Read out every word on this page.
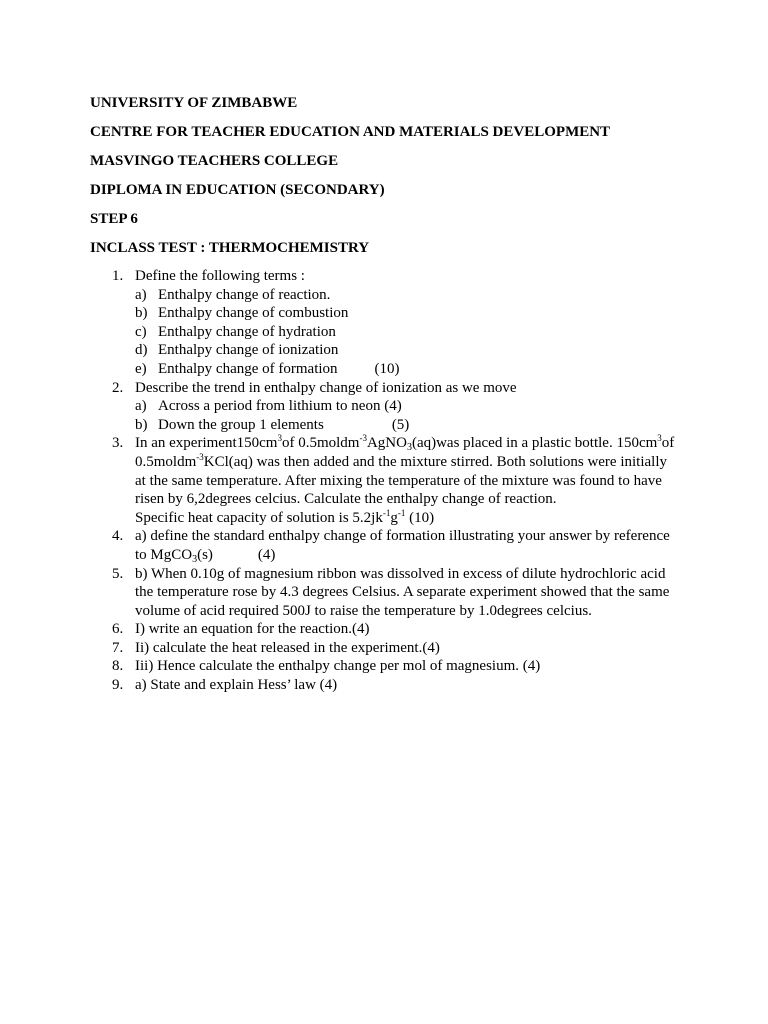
UNIVERSITY OF ZIMBABWE

CENTRE FOR TEACHER EDUCATION AND MATERIALS DEVELOPMENT

MASVINGO TEACHERS COLLEGE

DIPLOMA IN EDUCATION (SECONDARY)

STEP 6

INCLASS TEST : THERMOCHEMISTRY

1. Define the following terms :
a) Enthalpy change of reaction.
b) Enthalpy change of combustion
c) Enthalpy change of hydration
d) Enthalpy change of ionization
e) Enthalpy change of formation (10)
2. Describe the trend in enthalpy change of ionization as we move
a) Across a period from lithium to neon (4)
b) Down the group 1 elements	(5)
3. In an $experiment150cm^3of$ 0.5moldm$^{-3}$AgNO$_3$(aq)was placed in a plastic bottle. $150cm^3of$
0.5moldm$^{-3}$KCl(aq) was then added and the mixture stirred. Both solutions were initially
at the same temperature. After mixing the temperature of the mixture was found to have
risen by 6,2degrees celcius. Calculate the enthalpy change of reaction.
Specific heat capacity of solution is $5.2jk^{-1}g^{-1}$ (10)
4. a) define the standard enthalpy change of formation illustrating your answer by reference
to MgCO$_3$(s)	(4)
5. b) When 0.10g of magnesium ribbon was dissolved in excess of dilute hydrochloric acid
the temperature rose by 4.3 degrees Celsius. A separate experiment showed that the same
volume of acid required 500J to raise the temperature by 1.0degrees celcius.
6. I) write an equation for the reaction.(4)
7. Ii) calculate the heat released in the experiment.(4)
8. Iii) Hence calculate the enthalpy change per mol of magnesium. (4)
9. a) State and explain Hess’ law (4)
